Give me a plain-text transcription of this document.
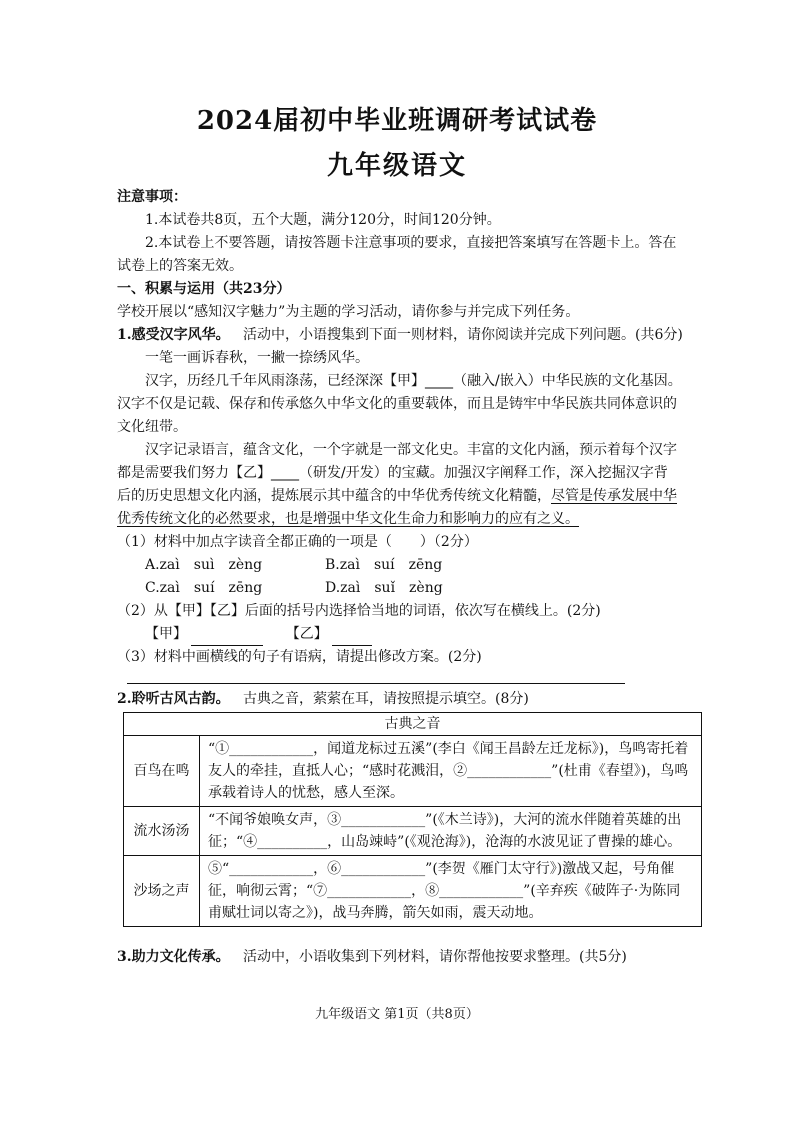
2024届初中毕业班调研考试试卷
九年级语文
注意事项：
1.本试卷共8页，五个大题，满分120分，时间120分钟。
2.本试卷上不要答题，请按答题卡注意事项的要求，直接把答案填写在答题卡上。答在
试卷上的答案无效。
一、积累与运用（共23分）
学校开展以“感知汉字魅力”为主题的学习活动，请你参与并完成下列任务。
1.感受汉字风华。 活动中，小语搜集到下面一则材料，请你阅读并完成下列问题。(共6分)
一笔一画诉春秋，一撇一捺绣风华。
汉字，历经几千年风雨涤荡，已经深深【甲】____（融入/嵌入）中华民族的文化基因。
汉字不仅是记载、保存和传承悠久中华文化的重要载体，而且是铸牢中华民族共同体意识的
文化纽带。
汉字记录语言，蕴含文化，一个字就是一部文化史。丰富的文化内涵，预示着每个汉字
都是需要我们努力【乙】____（研发/开发）的宝藏。加强汉字阐释工作，深入挖掘汉字背
后的历史思想文化内涵，提炼展示其中蕴含的中华优秀传统文化精髓，尽管是传承发展中华
优秀传统文化的必然要求，也是增强中华文化生命力和影响力的应有之义。
（1）材料中加点字读音全都正确的一项是（　　）（2分）
A.zaì　suì　zèng	B.zaì　suí　zēng
C.zaì　suí　zēng	D.zaì　suǐ　zèng
（2）从【甲】【乙】后面的括号内选择恰当地的词语，依次写在横线上。(2分)
【甲】	【乙】
（3）材料中画横线的句子有语病，请提出修改方案。(2分)
2.聆听古风古韵。 古典之音，萦萦在耳，请按照提示填空。(8分)
古典之音	
百鸟在鸣	“①____________，闻道龙标过五溪”(李白《闻王昌龄左迁龙标》)，鸟鸣寄托着友人的牵挂，直抵人心；“感时花溅泪，②____________”(杜甫《春望》)，鸟鸣承载着诗人的忧愁，感人至深。
流水汤汤	“不闻爷娘唤女声，③____________”(《木兰诗》)，大河的流水伴随着英雄的出征；“④__________，山岛竦峙”(《观沧海》)，沧海的水波见证了曹操的雄心。
沙场之声	⑤“____________，⑥____________”(李贺《雁门太守行》)激战又起，号角催征，响彻云霄；“⑦____________，⑧____________”(辛弃疾《破阵子·为陈同甫赋壮词以寄之》)，战马奔腾，箭矢如雨，震天动地。
3.助力文化传承。 活动中，小语收集到下列材料，请你帮他按要求整理。(共5分)
九年级语文 第1页（共8页）
